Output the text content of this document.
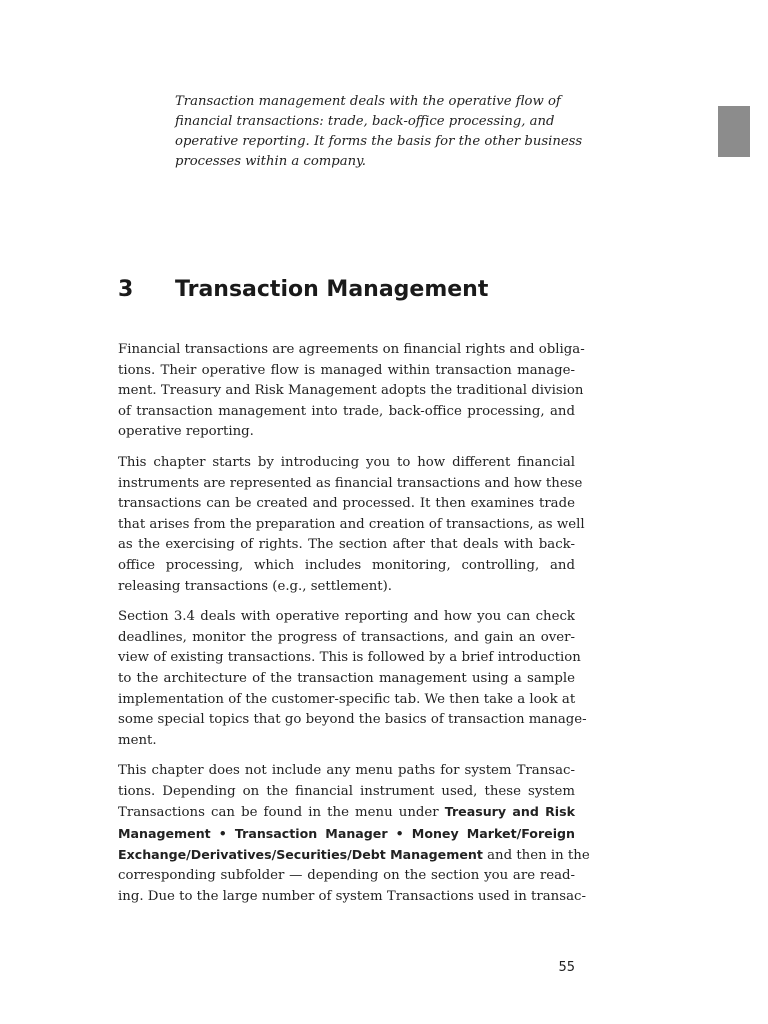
Transaction management deals with the operative flow of
financial transactions: trade, back-office processing, and
operative reporting. It forms the basis for the other business
processes within a company.
3 Transaction Management
Financial transactions are agreements on financial rights and obliga-
tions. Their operative flow is managed within transaction manage-
ment. Treasury and Risk Management adopts the traditional division
of transaction management into trade, back-office processing, and
operative reporting.
This chapter starts by introducing you to how different financial
instruments are represented as financial transactions and how these
transactions can be created and processed. It then examines trade
that arises from the preparation and creation of transactions, as well
as the exercising of rights. The section after that deals with back-
office processing, which includes monitoring, controlling, and
releasing transactions (e.g., settlement).
Section 3.4 deals with operative reporting and how you can check
deadlines, monitor the progress of transactions, and gain an over-
view of existing transactions. This is followed by a brief introduction
to the architecture of the transaction management using a sample
implementation of the customer-specific tab. We then take a look at
some special topics that go beyond the basics of transaction manage-
ment.
This chapter does not include any menu paths for system Transac-
tions. Depending on the financial instrument used, these system
Transactions can be found in the menu under Treasury and Risk
Management • Transaction Manager • Money Market/Foreign
Exchange/Derivatives/Securities/Debt Management and then in the
corresponding subfolder — depending on the section you are read-
ing. Due to the large number of system Transactions used in transac-
55
